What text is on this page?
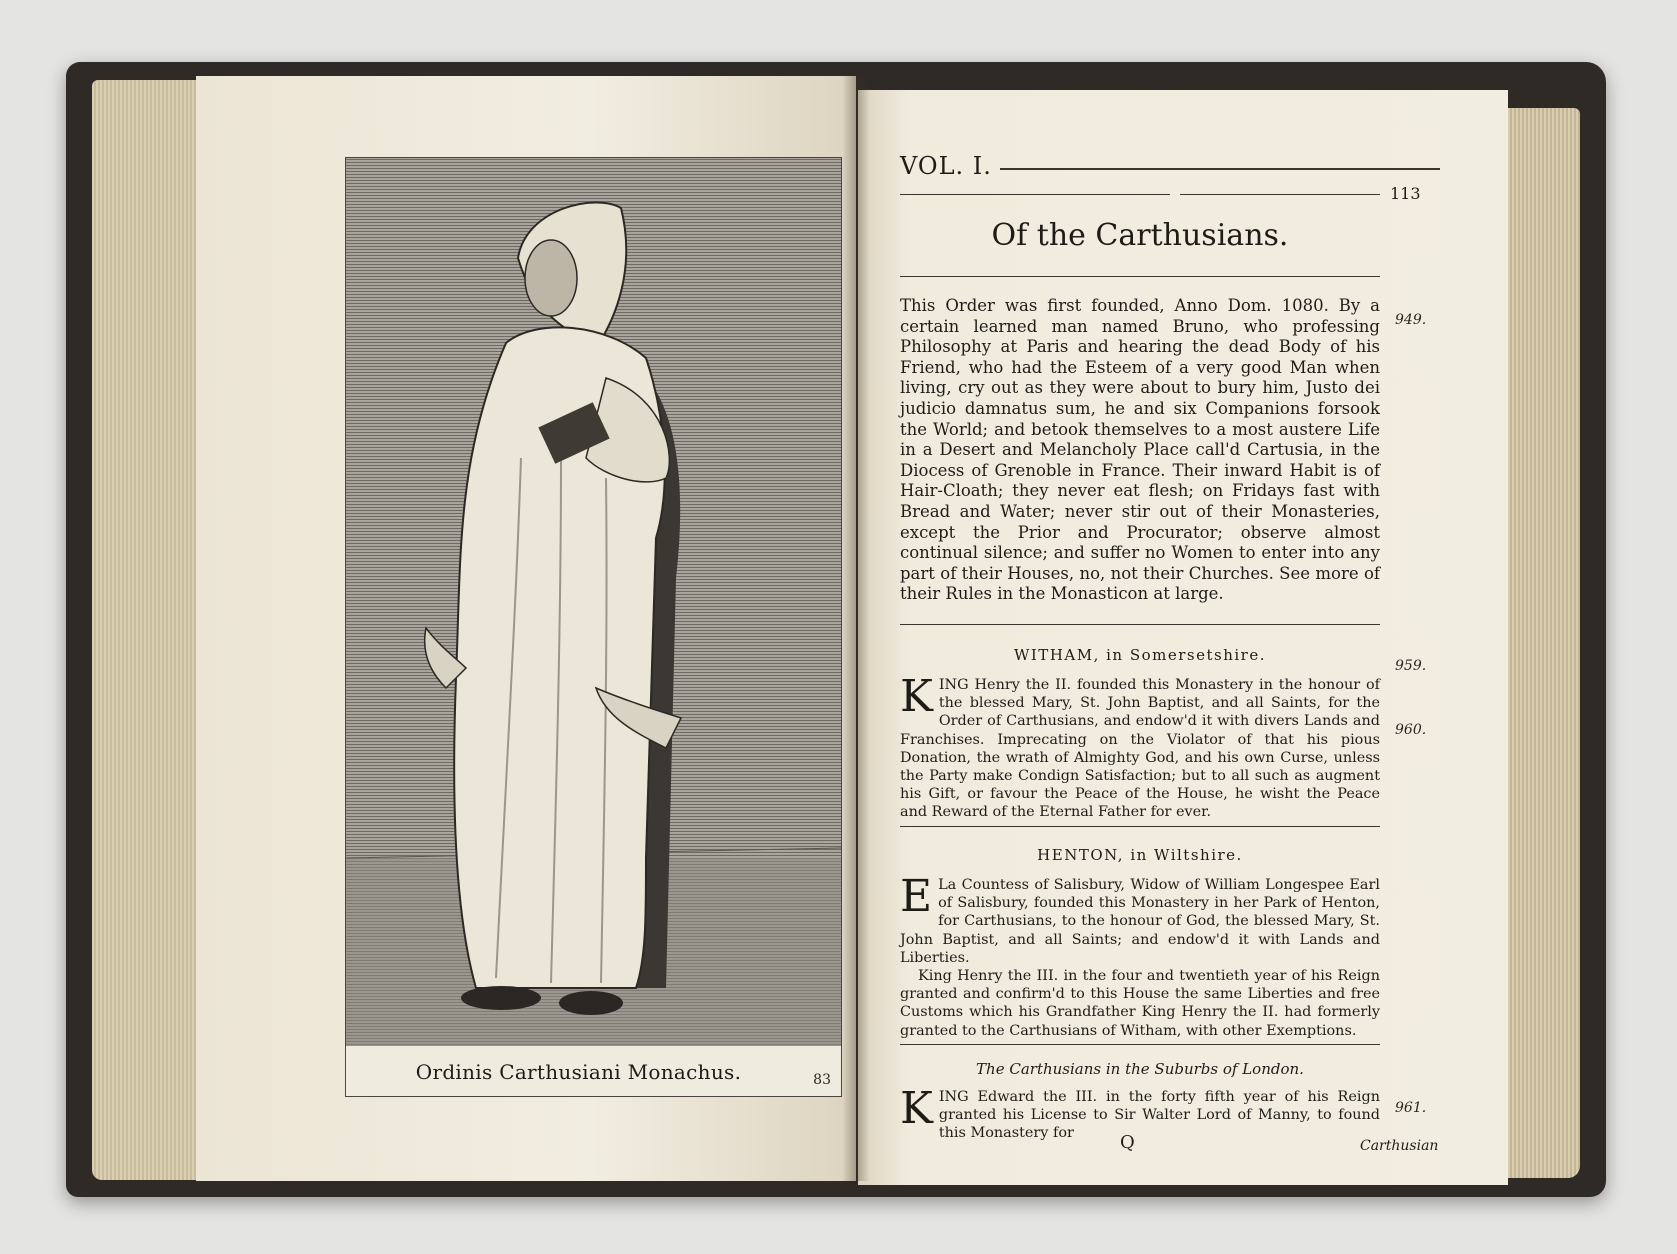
Ordinis Carthusiani Monachus.	83
VOL. I.
113
Of the Carthusians.
This Order was first founded, Anno Dom. 1080. By a certain learned man named Bruno, who professing Philosophy at Paris and hearing the dead Body of his Friend, who had the Esteem of a very good Man when living, cry out as they were about to bury him, Justo dei judicio damnatus sum, he and six Companions forsook the World; and betook themselves to a most austere Life in a Desert and Melancholy Place call'd Cartusia, in the Diocess of Grenoble in France. Their inward Habit is of Hair-Cloath; they never eat flesh; on Fridays fast with Bread and Water; never stir out of their Monasteries, except the Prior and Procurator; observe almost continual silence; and suffer no Women to enter into any part of their Houses, no, not their Churches. See more of their Rules in the Monasticon at large.
949.
959.
960.
961.
WITHAM, in Somersetshire.
KING Henry the II. founded this Monastery in the honour of the blessed Mary, St. John Baptist, and all Saints, for the Order of Carthusians, and endow'd it with divers Lands and Franchises. Imprecating on the Violator of that his pious Donation, the wrath of Almighty God, and his own Curse, unless the Party make Condign Satisfaction; but to all such as augment his Gift, or favour the Peace of the House, he wisht the Peace and Reward of the Eternal Father for ever.
HENTON, in Wiltshire.
E La Countess of Salisbury, Widow of William Longespee Earl of Salisbury, founded this Monastery in her Park of Henton, for Carthusians, to the honour of God, the blessed Mary, St. John Baptist, and all Saints; and endow'd it with Lands and Liberties.
King Henry the III. in the four and twentieth year of his Reign granted and confirm'd to this House the same Liberties and free Customs which his Grandfather King Henry the II. had formerly granted to the Carthusians of Witham, with other Exemptions.
The Carthusians in the Suburbs of London.
KING Edward the III. in the forty fifth year of his Reign granted his License to Sir Walter Lord of Manny, to found this Monastery for	Q	Carthusian
